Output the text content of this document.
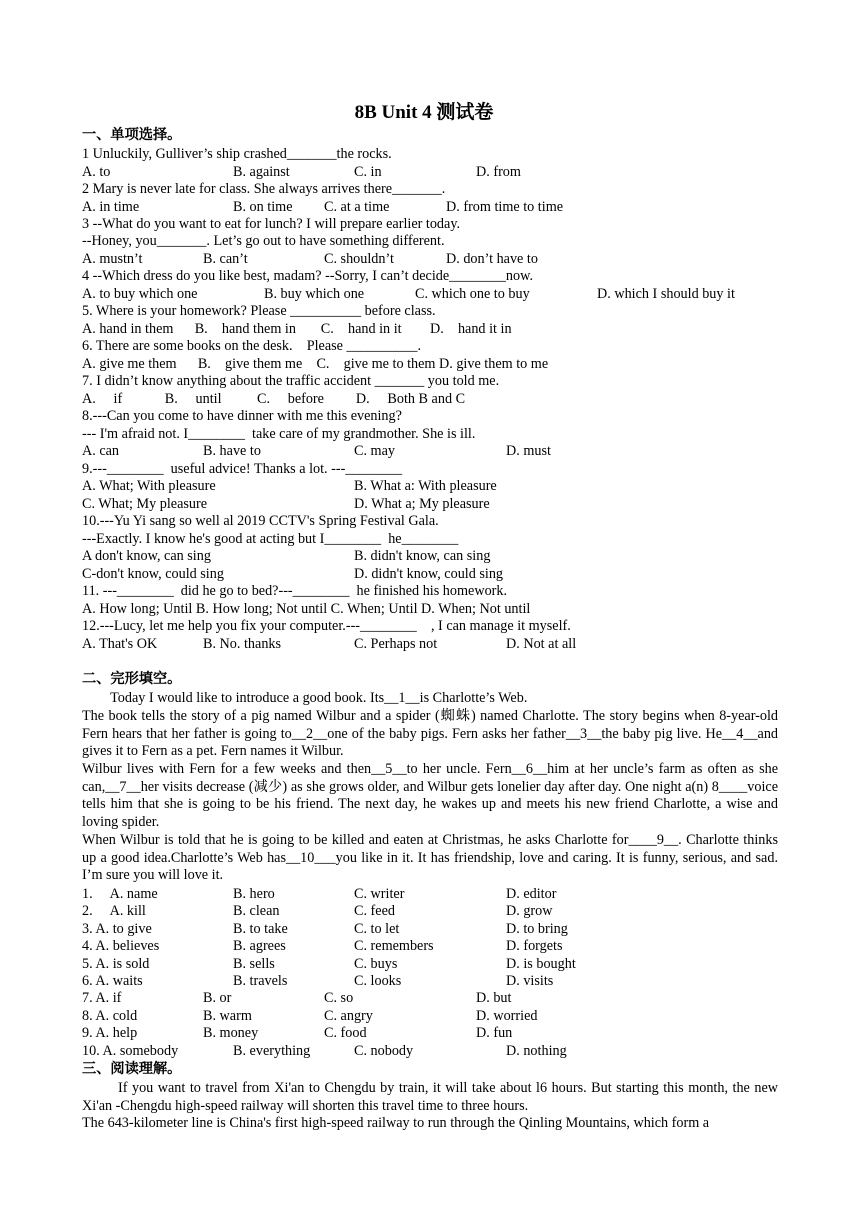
8B Unit 4 测试卷
一、单项选择。
1 Unluckily, Gulliver’s ship crashed_______the rocks.
A. to	B. against	C. in	D. from
2 Mary is never late for class. She always arrives there_______.
A. in time	B. on time C. at a time	D. from time to time
3 --What do you want to eat for lunch? I will prepare earlier today.
--Honey, you_______. Let’s go out to have something different.
A. mustn’t	B. can’t	C. shouldn’t	D. don’t have to
4 --Which dress do you like best, madam? --Sorry, I can’t decide________now.
A. to buy which one	B. buy which one	C. which one to buy	D. which I should buy it
5. Where is your homework? Please __________ before class.
A. hand in them      B.    hand them in       C.    hand in it        D.    hand it in
6. There are some books on the desk.    Please __________.
A. give me them      B.    give them me    C.    give me to them D. give them to me
7. I didn’t know anything about the traffic accident _______ you told me.
A.     if            B.     until          C.     before         D.     Both B and C
8.---Can you come to have dinner with me this evening?
--- I'm afraid not. I________  take care of my grandmother. She is ill.
A. can	B. have to	C. may	D. must
9.---________  useful advice! Thanks a lot. ---________
A. What; With pleasure	B. What a: With pleasure
C. What; My pleasure	D. What a; My pleasure
10.---Yu Yi sang so well al 2019 CCTV's Spring Festival Gala.
---Exactly. I know he's good at acting but I________  he________
A don't know, can sing	B. didn't know, can sing
C-don't know, could sing	D. didn't know, could sing
11. ---________  did he go to bed?---________  he finished his homework.
A. How long; Until B. How long; Not until C. When; Until D. When; Not until
12.---Lucy, let me help you fix your computer.---________    , I can manage it myself.
A. That's OK	B. No. thanks	C. Perhaps not	D. Not at all
二、完形填空。
Today I would like to introduce a good book. Its__1__is Charlotte’s Web.
The book tells the story of a pig named Wilbur and a spider (蜘蛛) named Charlotte. The story begins when 8-year-old Fern hears that her father is going to__2__one of the baby pigs. Fern asks her father__3__the baby pig live. He__4__and gives it to Fern as a pet. Fern names it Wilbur.
Wilbur lives with Fern for a few weeks and then__5__to her uncle. Fern__6__him at her uncle’s farm as often as she can,__7__her visits decrease (减少) as she grows older, and Wilbur gets lonelier day after day. One night a(n) 8____voice tells him that she is going to be his friend. The next day, he wakes up and meets his new friend Charlotte, a wise and loving spider.
When Wilbur is told that he is going to be killed and eaten at Christmas, he asks Charlotte for____9__. Charlotte thinks up a good idea.Charlotte’s Web has__10___you like in it. It has friendship, love and caring. It is funny, serious, and sad. I’m sure you will love it.
1.     A. name	B. hero	C. writer	D. editor
2.     A. kill	B. clean	C. feed	D. grow
3. A. to give	B. to take	C. to let	D. to bring
4. A. believes	B. agrees	C. remembers	D. forgets
5. A. is sold	B. sells	C. buys	D. is bought
6. A. waits	B. travels	C. looks	D. visits
7. A. if	B. or	C. so	D. but
8. A. cold	B. warm	C. angry	D. worried
9. A. help	B. money	C. food	D. fun
10. A. somebody	B. everything	C. nobody	D. nothing
三、阅读理解。
If you want to travel from Xi'an to Chengdu by train, it will take about l6 hours. But starting this month, the new Xi'an -Chengdu high-speed railway will shorten this travel time to three hours.
The 643-kilometer line is China's first high-speed railway to run through the Qinling Mountains, which form a
